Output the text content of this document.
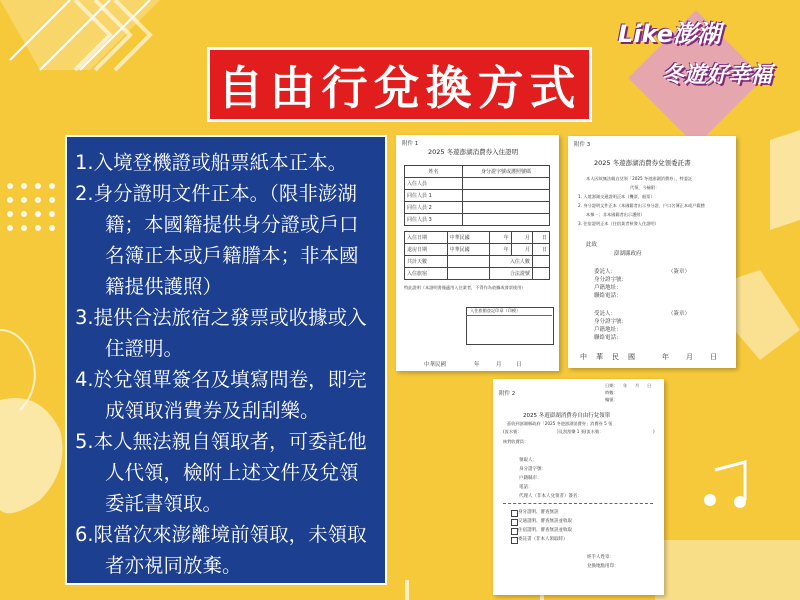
Like澎湖
冬遊好幸福
自由行兌換方式

1.入境登機證或船票紙本正本。

2.身分證明文件正本。（限非澎湖籍；本國籍提供身分證或戶口名簿正本或戶籍謄本；非本國籍提供護照）

3.提供合法旅宿之發票或收據或入住證明。

4.於兌領單簽名及填寫問卷，即完成領取消費券及刮刮樂。

5.本人無法親自領取者，可委託他人代領，檢附上述文件及兌領委託書領取。

6.限當次來澎離境前領取，未領取者亦視同放棄。

附件 1
2025 冬遊澎湖消費券入住證明
姓名	身分證字號或護照號碼
入住人員	
同住人員 1	
同住人員 2	
同住人員 3	
入住日期	中華民國	年	月	日
退房日期	中華民國	年	月	日
共計天數		入住人數		
入住旅宿		合法證號		
特此證明（本證明書僅適用入住業者，不得作為收據或發票使用）
入住旅館登記印章（印模）
中華民國	年	月	日
附件 3
2025 冬遊澎湖消費券兌領委託書
本人因故無法親自兌領「2025 冬遊澎湖消費券」，特委託
代領，今檢附：
1. 入境澎湖交通證明正本（機票、船票）
2. 身分證明文件正本（本國籍者出示身分證、戶口名簿正本或戶籍謄
本擇一；非本國籍者出示護照）
3. 住宿證明正本（住宿業者核發入住證明）
此致
澎湖縣政府
委託人：	（簽章）
身分證字號：
戶籍地址：
聯絡電話：
受託人：	（簽章）
身分證字號：
戶籍地址：
聯絡電話：
中 華 民 國	年 月 日
附件 2
日期： 年 月 日
時數：
編號：
2025 冬遊澎湖消費券自由行兌領單
茲收到澎湖縣政府「2025 冬遊澎湖消費券」消費券 5 張
(流水號：	)及刮刮樂 1 張(流水號：	)
核對收費員：
領取人：
身分證字號：
戶籍縣市：
電話：
代理人（非本人兌領者）簽名：
身分證明、審查無誤
交通證明、審查無誤並收取
住宿證明、審查無誤並收取
委託書（非本人領取時）
經手人姓章：
兌換地點用印：
